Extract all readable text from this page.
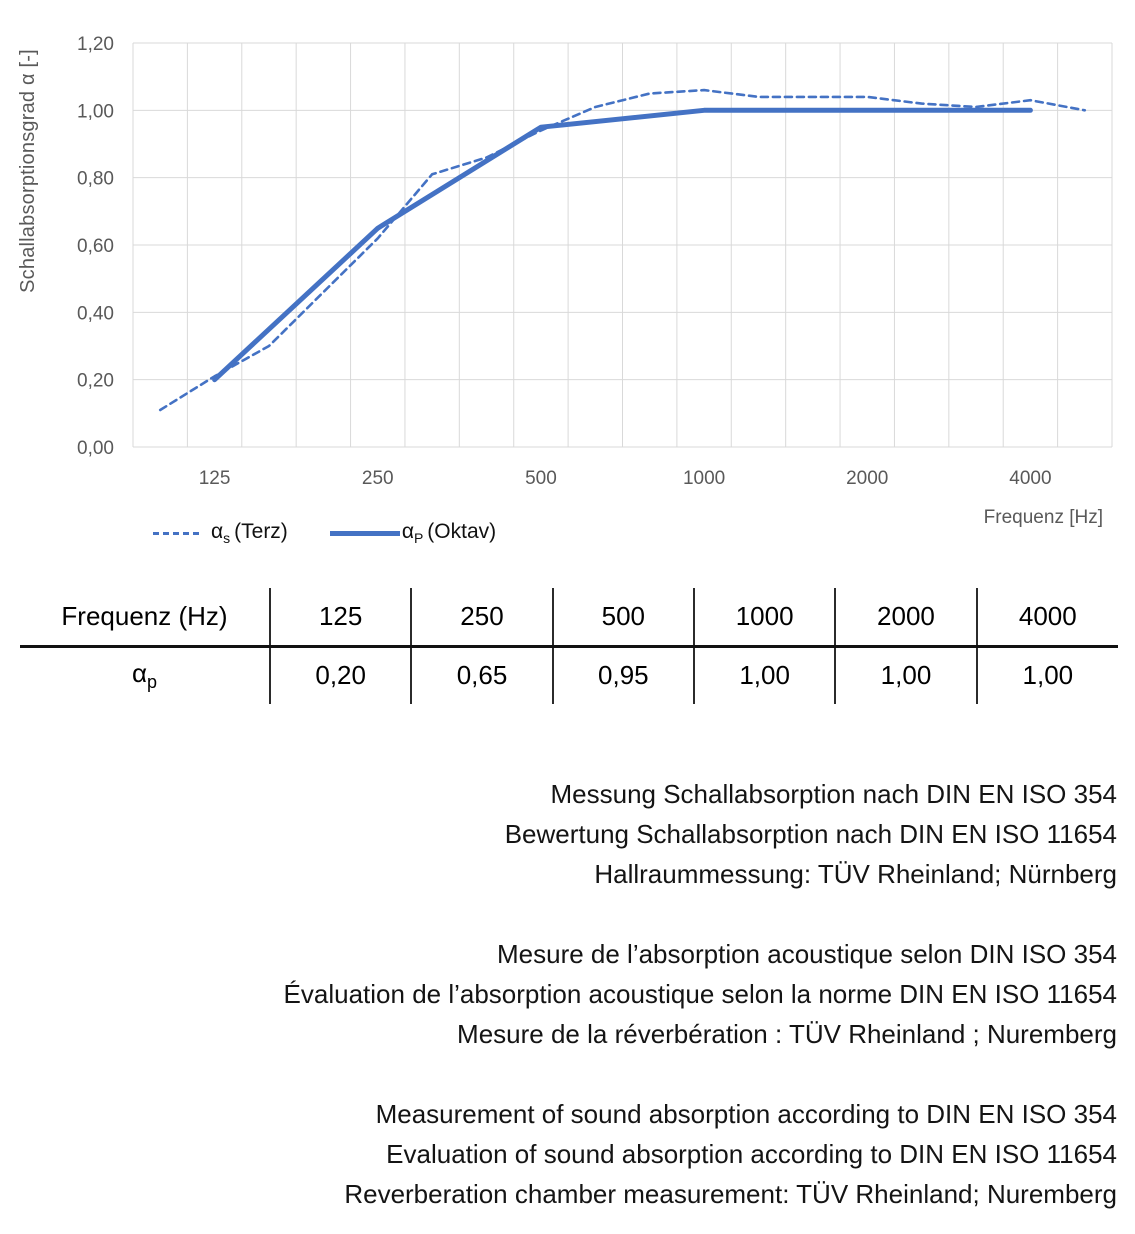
0,00
0,20
0,40
0,60
0,80
1,00
1,20
125	250	500	1000	2000	4000
Schallabsorptionsgrad α [-]
Frequenz [Hz]
$\alpha_s$ (Terz)	$\alpha_P$ (Oktav)
Frequenz (Hz)	125	250	500	1000	2000	4000
$\alpha_p$	0,20	0,65	0,95	1,00	1,00	1,00
Messung Schallabsorption nach DIN EN ISO 354
Bewertung Schallabsorption nach DIN EN ISO 11654
Hallraummessung: TÜV Rheinland; Nürnberg
Mesure de l’absorption acoustique selon DIN ISO 354
Évaluation de l’absorption acoustique selon la norme DIN EN ISO 11654
Mesure de la réverbération : TÜV Rheinland ; Nuremberg
Measurement of sound absorption according to DIN EN ISO 354
Evaluation of sound absorption according to DIN EN ISO 11654
Reverberation chamber measurement: TÜV Rheinland; Nuremberg
